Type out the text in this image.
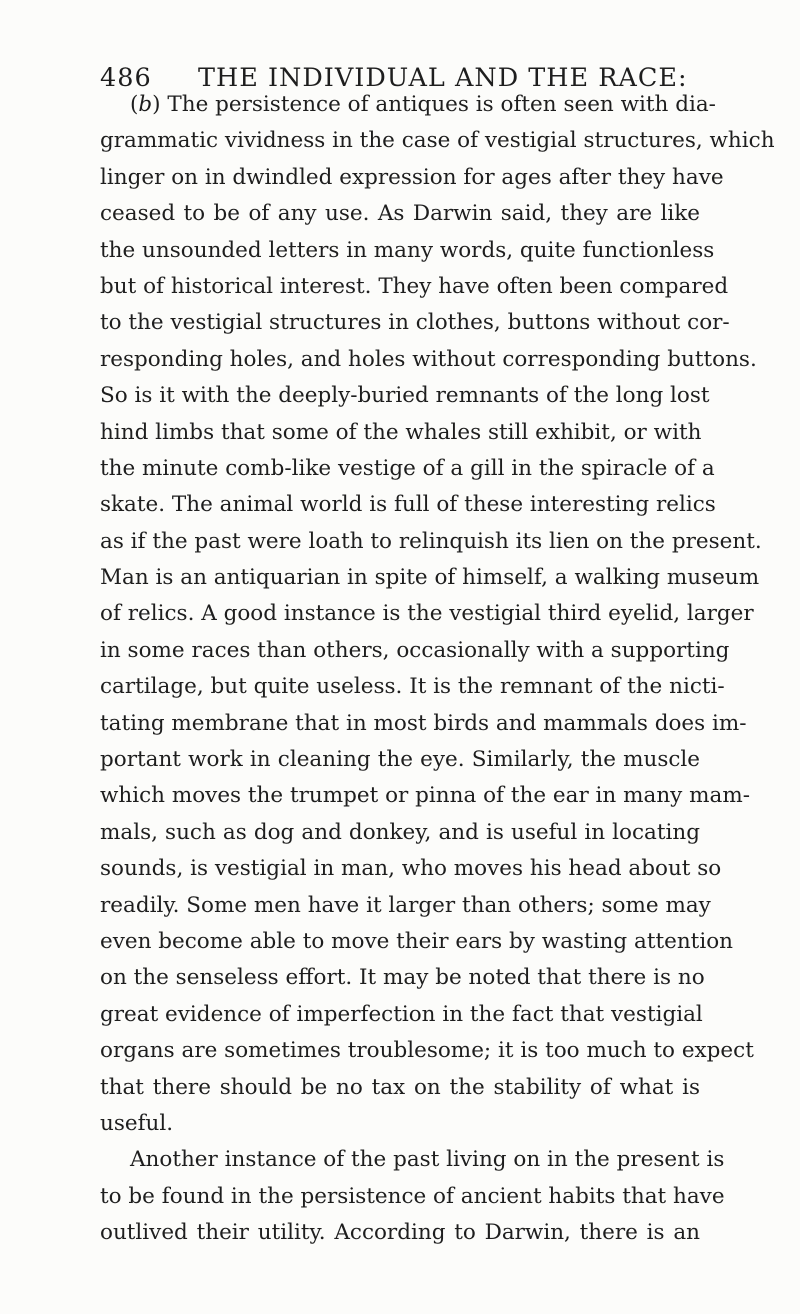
486 THE INDIVIDUAL AND THE RACE:
(b) The persistence of antiques is often seen with dia-
grammatic vividness in the case of vestigial structures, which
linger on in dwindled expression for ages after they have
ceased to be of any use. As Darwin said, they are like
the unsounded letters in many words, quite functionless
but of historical interest. They have often been compared
to the vestigial structures in clothes, buttons without cor-
responding holes, and holes without corresponding buttons.
So is it with the deeply-buried remnants of the long lost
hind limbs that some of the whales still exhibit, or with
the minute comb-like vestige of a gill in the spiracle of a
skate. The animal world is full of these interesting relics
as if the past were loath to relinquish its lien on the present.
Man is an antiquarian in spite of himself, a walking museum
of relics. A good instance is the vestigial third eyelid, larger
in some races than others, occasionally with a supporting
cartilage, but quite useless. It is the remnant of the nicti-
tating membrane that in most birds and mammals does im-
portant work in cleaning the eye. Similarly, the muscle
which moves the trumpet or pinna of the ear in many mam-
mals, such as dog and donkey, and is useful in locating
sounds, is vestigial in man, who moves his head about so
readily. Some men have it larger than others; some may
even become able to move their ears by wasting attention
on the senseless effort. It may be noted that there is no
great evidence of imperfection in the fact that vestigial
organs are sometimes troublesome; it is too much to expect
that there should be no tax on the stability of what is
useful.
Another instance of the past living on in the present is
to be found in the persistence of ancient habits that have
outlived their utility. According to Darwin, there is an
